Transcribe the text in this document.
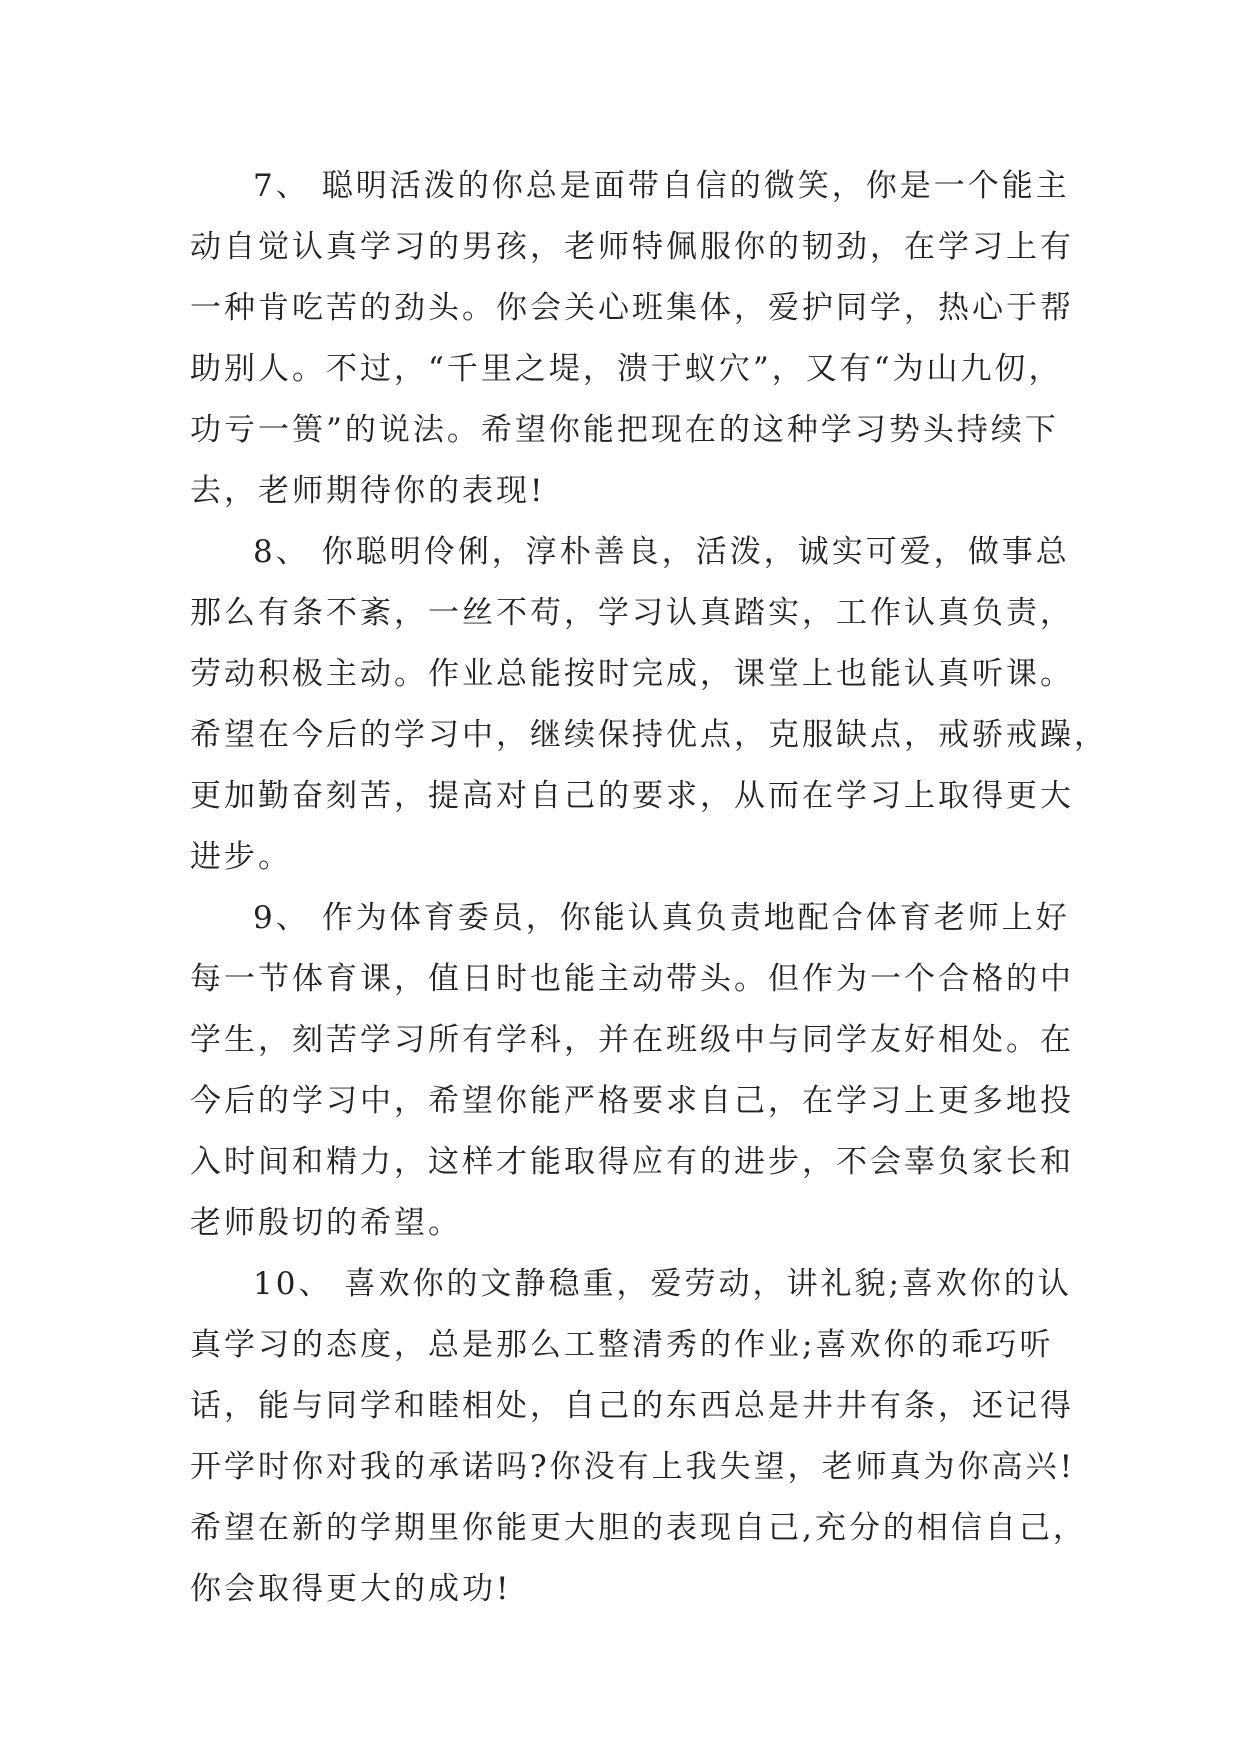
7、 聪明活泼的你总是面带自信的微笑，你是一个能主
动自觉认真学习的男孩，老师特佩服你的韧劲，在学习上有
一种肯吃苦的劲头。你会关心班集体，爱护同学，热心于帮
助别人。不过，“千里之堤，溃于蚁穴”，又有“为山九仞，
功亏一篑”的说法。希望你能把现在的这种学习势头持续下
去，老师期待你的表现!
8、 你聪明伶俐，淳朴善良，活泼，诚实可爱，做事总
那么有条不紊，一丝不苟，学习认真踏实，工作认真负责，
劳动积极主动。作业总能按时完成，课堂上也能认真听课。
希望在今后的学习中，继续保持优点，克服缺点，戒骄戒躁，
更加勤奋刻苦，提高对自己的要求，从而在学习上取得更大
进步。
9、 作为体育委员，你能认真负责地配合体育老师上好
每一节体育课，值日时也能主动带头。但作为一个合格的中
学生，刻苦学习所有学科，并在班级中与同学友好相处。在
今后的学习中，希望你能严格要求自己，在学习上更多地投
入时间和精力，这样才能取得应有的进步，不会辜负家长和
老师殷切的希望。
10、 喜欢你的文静稳重，爱劳动，讲礼貌;喜欢你的认
真学习的态度，总是那么工整清秀的作业;喜欢你的乖巧听
话，能与同学和睦相处，自己的东西总是井井有条，还记得
开学时你对我的承诺吗?你没有上我失望，老师真为你高兴!
希望在新的学期里你能更大胆的表现自己,充分的相信自己，
你会取得更大的成功!
